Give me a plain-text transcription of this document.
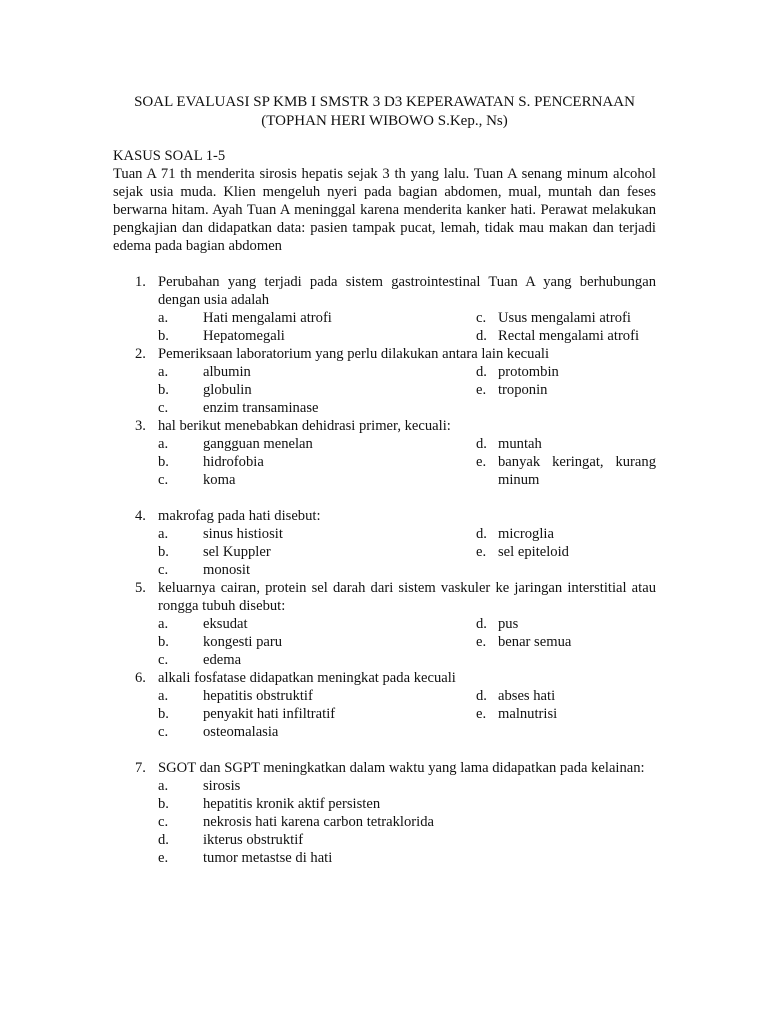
SOAL EVALUASI SP KMB I SMSTR 3 D3 KEPERAWATAN S. PENCERNAAN
(TOPHAN HERI WIBOWO S.Kep., Ns)
KASUS SOAL 1-5
Tuan A 71 th menderita sirosis hepatis sejak 3 th yang lalu. Tuan A senang minum alcohol sejak usia muda. Klien mengeluh nyeri pada bagian abdomen, mual, muntah dan feses berwarna hitam. Ayah Tuan A meninggal karena menderita kanker hati. Perawat melakukan pengkajian dan didapatkan data: pasien tampak pucat, lemah, tidak mau makan dan terjadi edema pada bagian abdomen
1. Perubahan yang terjadi pada sistem gastrointestinal Tuan A yang berhubungan dengan usia adalah
c. Usus mengalami atrofi
d. Rectal mengalami atrofi
a.	Hati mengalami atrofi
b.	Hepatomegali
2. Pemeriksaan laboratorium yang perlu dilakukan antara lain kecuali
d. protombin
e. troponin
a.	albumin
b.	globulin
c.	enzim transaminase
3. hal berikut menebabkan dehidrasi primer, kecuali:
d. muntah
e. banyak keringat, kurang minum
a.	gangguan menelan
b.	hidrofobia
c.	koma
4. makrofag pada hati disebut:
d. microglia
e. sel epiteloid
a.	sinus histiosit
b.	sel Kuppler
c.	monosit
5. keluarnya cairan, protein sel darah dari sistem vaskuler ke jaringan interstitial atau rongga tubuh disebut:
d. pus
e. benar semua
a.	eksudat
b.	kongesti paru
c.	edema
6. alkali fosfatase didapatkan meningkat pada kecuali
d. abses hati
e. malnutrisi
a.	hepatitis obstruktif
b.	penyakit hati infiltratif
c.	osteomalasia
7. SGOT dan SGPT meningkatkan dalam waktu yang lama didapatkan pada kelainan:
a.	sirosis
b.	hepatitis kronik aktif persisten
c.	nekrosis hati karena carbon tetraklorida
d.	ikterus obstruktif
e.	tumor metastse di hati
